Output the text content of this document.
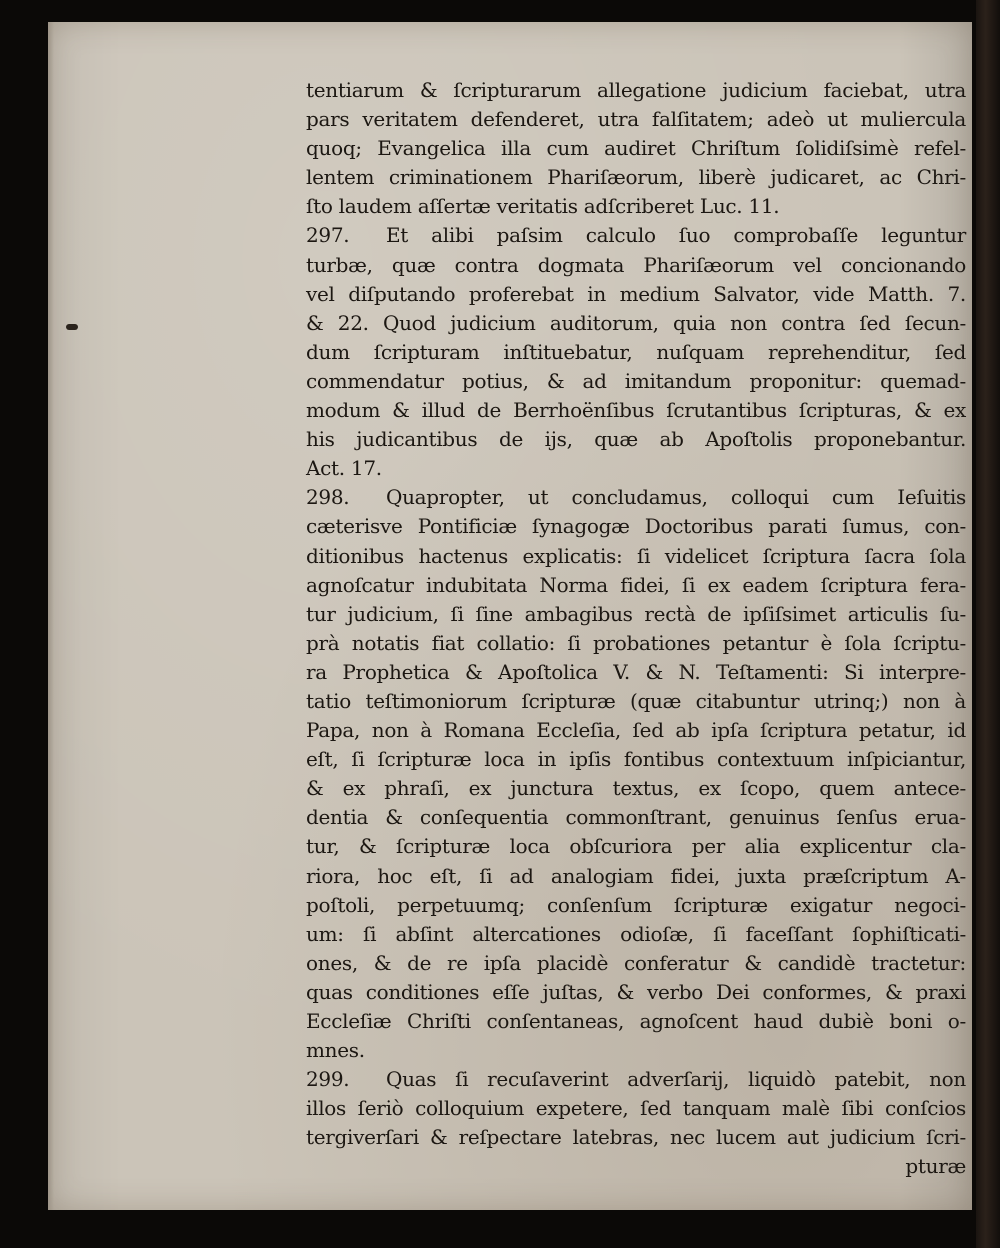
tentiarum & ſcripturarum allegatione judicium faciebat, utra
pars veritatem defenderet, utra falſitatem; adeò ut muliercula
quoq; Evangelica illa cum audiret Chriſtum ſolidiſsimè refel-
lentem criminationem Phariſæorum, liberè judicaret, ac Chri-
ſto laudem aſſertæ veritatis adſcriberet Luc. 11.
297. Et alibi paſsim calculo ſuo comprobaſſe leguntur
turbæ, quæ contra dogmata Phariſæorum vel concionando
vel diſputando proferebat in medium Salvator, vide Matth. 7.
& 22. Quod judicium auditorum, quia non contra ſed ſecun-
dum ſcripturam inſtituebatur, nuſquam reprehenditur, ſed
commendatur potius, & ad imitandum proponitur: quemad-
modum & illud de Berrhoënſibus ſcrutantibus ſcripturas, & ex
his judicantibus de ijs, quæ ab Apoſtolis proponebantur.
Act. 17.
298. Quapropter, ut concludamus, colloqui cum Ieſuitis
cæterisve Pontificiæ ſynagogæ Doctoribus parati ſumus, con-
ditionibus hactenus explicatis: ſi videlicet ſcriptura ſacra ſola
agnoſcatur indubitata Norma fidei, ſi ex eadem ſcriptura fera-
tur judicium, ſi ſine ambagibus rectà de ipſiſsimet articulis ſu-
prà notatis fiat collatio: ſi probationes petantur è ſola ſcriptu-
ra Prophetica & Apoſtolica V. & N. Teſtamenti: Si interpre-
tatio teſtimoniorum ſcripturæ (quæ citabuntur utrinq;) non à
Papa, non à Romana Eccleſia, ſed ab ipſa ſcriptura petatur, id
eſt, ſi ſcripturæ loca in ipſis fontibus contextuum inſpiciantur,
& ex phraſi, ex junctura textus, ex ſcopo, quem antece-
dentia & conſequentia commonſtrant, genuinus ſenſus erua-
tur, & ſcripturæ loca obſcuriora per alia explicentur cla-
riora, hoc eſt, ſi ad analogiam fidei, juxta præſcriptum A-
poſtoli, perpetuumq; conſenſum ſcripturæ exigatur negoci-
um: ſi abſint altercationes odioſæ, ſi faceſſant ſophiſticati-
ones, & de re ipſa placidè conferatur & candidè tractetur:
quas conditiones eſſe juſtas, & verbo Dei conformes, & praxi
Eccleſiæ Chriſti conſentaneas, agnoſcent haud dubiè boni o-
mnes.
299. Quas ſi recuſaverint adverſarij, liquidò patebit, non
illos ſeriò colloquium expetere, ſed tanquam malè ſibi conſcios
tergiverſari & reſpectare latebras, nec lucem aut judicium ſcri-
pturæ
